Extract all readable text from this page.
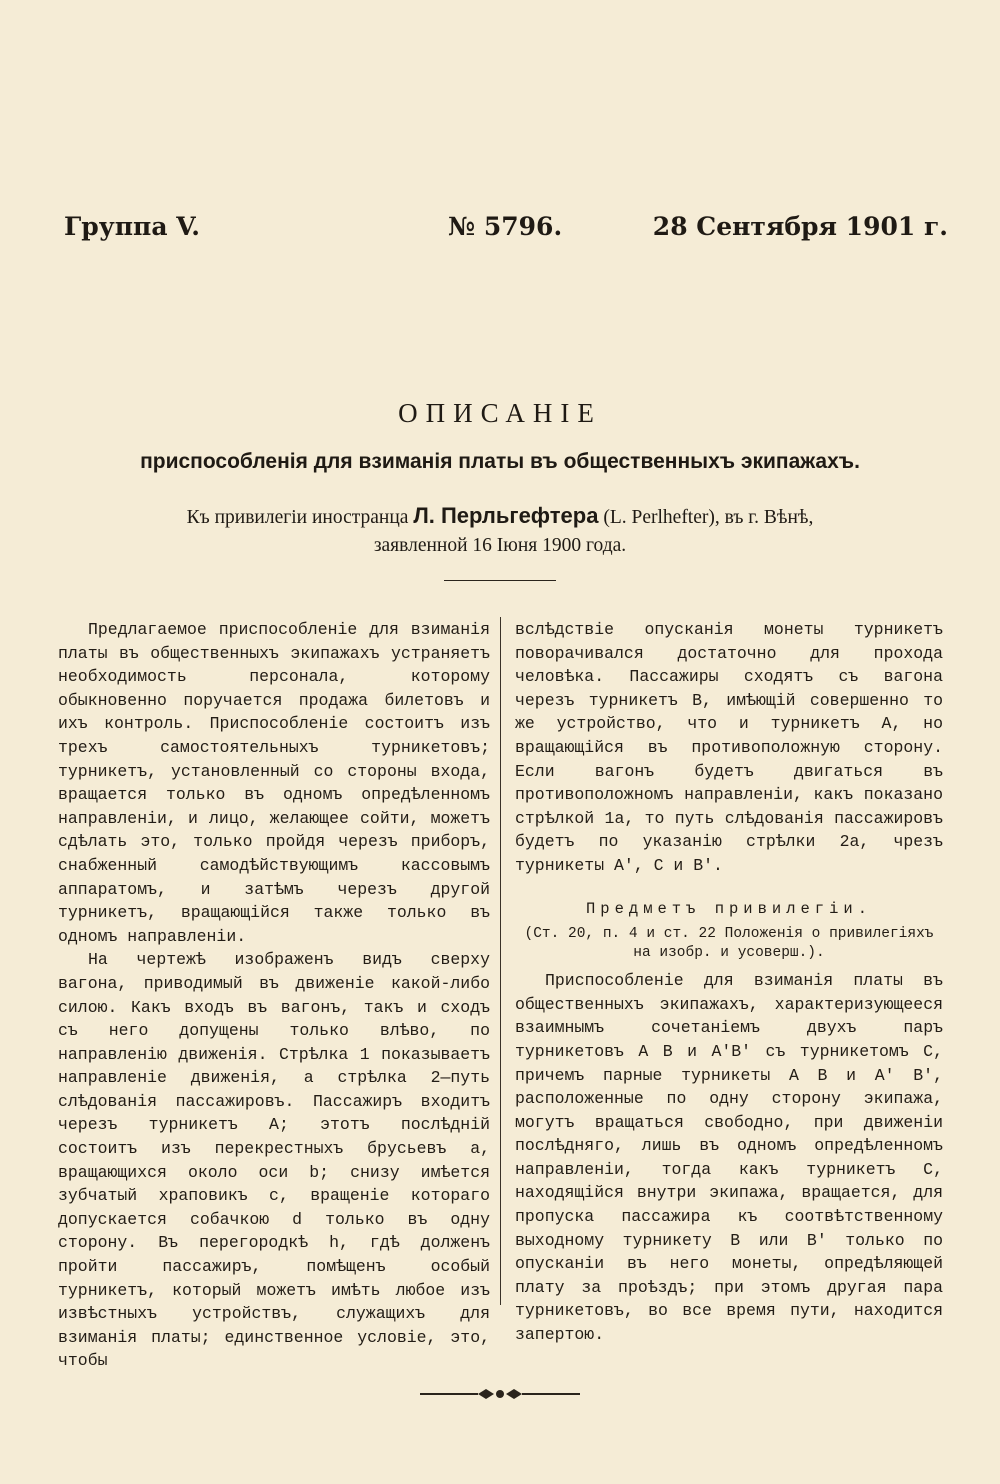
Группа V.	№ 5796.	28 Сентября 1901 г.
ОПИСАНІЕ
приспособленія для взиманія платы въ общественныхъ экипажахъ.
Къ привилегіи иностранца Л. Перльгефтера (L. Perlhefter), въ г. Вѣнѣ,
заявленной 16 Іюня 1900 года.

Предлагаемое приспособленіе для взиманія платы въ общественныхъ экипажахъ устраняетъ необходимость персонала, которому обыкновенно поручается продажа билетовъ и ихъ контроль. Приспособленіе состоитъ изъ трехъ самостоятельныхъ турникетовъ; турникетъ, установленный со стороны входа, вращается только въ одномъ опредѣленномъ направленіи, и лицо, желающее сойти, можетъ сдѣлать это, только пройдя черезъ приборъ, снабженный самодѣйствующимъ кассовымъ аппаратомъ, и затѣмъ черезъ другой турникетъ, вращающійся также только въ одномъ направленіи.

На чертежѣ изображенъ видъ сверху вагона, приводимый въ движеніе какой-либо силою. Какъ входъ въ вагонъ, такъ и сходъ съ него допущены только влѣво, по направленію движенія. Стрѣлка 1 показываетъ направленіе движенія, а стрѣлка 2—путь слѣдованія пассажировъ. Пассажиръ входитъ черезъ турникетъ A; этотъ послѣдній состоитъ изъ перекрестныхъ брусьевъ a, вращающихся около оси b; снизу имѣется зубчатый храповикъ c, вращеніе котораго допускается собачкою d только въ одну сторону. Въ перегородкѣ h, гдѣ долженъ пройти пассажиръ, помѣщенъ особый турникетъ, который можетъ имѣть любое изъ извѣстныхъ устройствъ, служащихъ для взиманія платы; единственное условіе, это, чтобы

вслѣдствіе опусканія монеты турникетъ поворачивался достаточно для прохода человѣка. Пассажиры сходятъ съ вагона черезъ турникетъ B, имѣющій совершенно то же устройство, что и турникетъ A, но вращающійся въ противоположную сторону. Если вагонъ будетъ двигаться въ противоположномъ направленіи, какъ показано стрѣлкой 1a, то путь слѣдованія пассажировъ будетъ по указанію стрѣлки 2a, чрезъ турникеты A′, C и B′.

Предметъ привилегіи.
(Ст. 20, п. 4 и ст. 22 Положенія о привилегіяхъ на изобр. и усоверш.).

Приспособленіе для взиманія платы въ общественныхъ экипажахъ, характеризующееся взаимнымъ сочетаніемъ двухъ паръ турникетовъ A B и A′B′ съ турникетомъ C, причемъ парные турникеты A B и A′ B′, расположенные по одну сторону экипажа, могутъ вращаться свободно, при движеніи послѣдняго, лишь въ одномъ опредѣленномъ направленіи, тогда какъ турникетъ C, находящійся внутри экипажа, вращается, для пропуска пассажира къ соотвѣтственному выходному турникету B или B′ только по опусканіи въ него монеты, опредѣляющей плату за проѣздъ; при этомъ другая пара турникетовъ, во все время пути, находится запертою.
